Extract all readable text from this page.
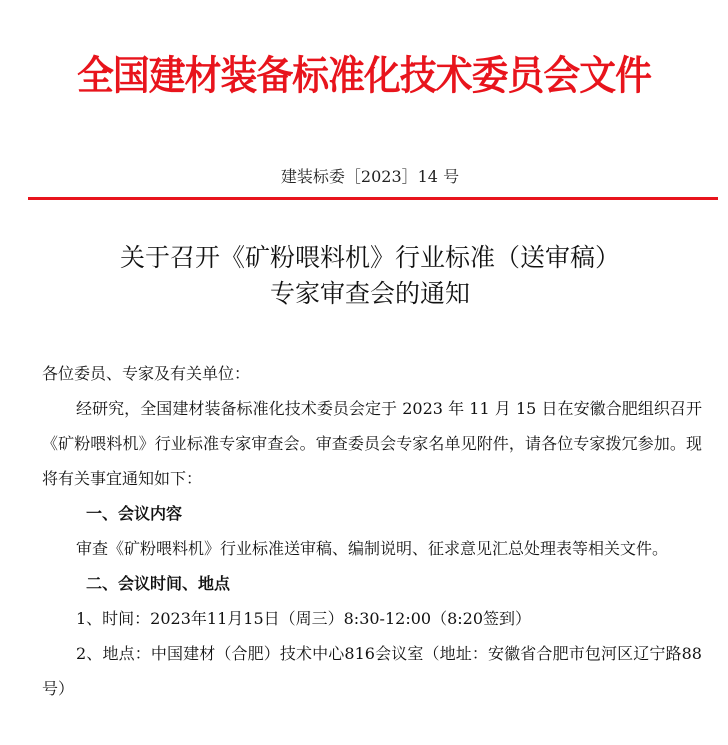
全国建材装备标准化技术委员会文件
建装标委［2023］14 号
关于召开《矿粉喂料机》行业标准（送审稿）
专家审查会的通知

各位委员、专家及有关单位：

经研究，全国建材装备标准化技术委员会定于 2023 年 11 月 15 日在安徽合肥组织召开《矿粉喂料机》行业标准专家审查会。审查委员会专家名单见附件，请各位专家拨冗参加。现将有关事宜通知如下：

一、会议内容

审查《矿粉喂料机》行业标准送审稿、编制说明、征求意见汇总处理表等相关文件。

二、会议时间、地点

1、时间：2023年11月15日（周三）8:30-12:00（8:20签到）

2、地点：中国建材（合肥）技术中心816会议室（地址：安徽省合肥市包河区辽宁路88号）
